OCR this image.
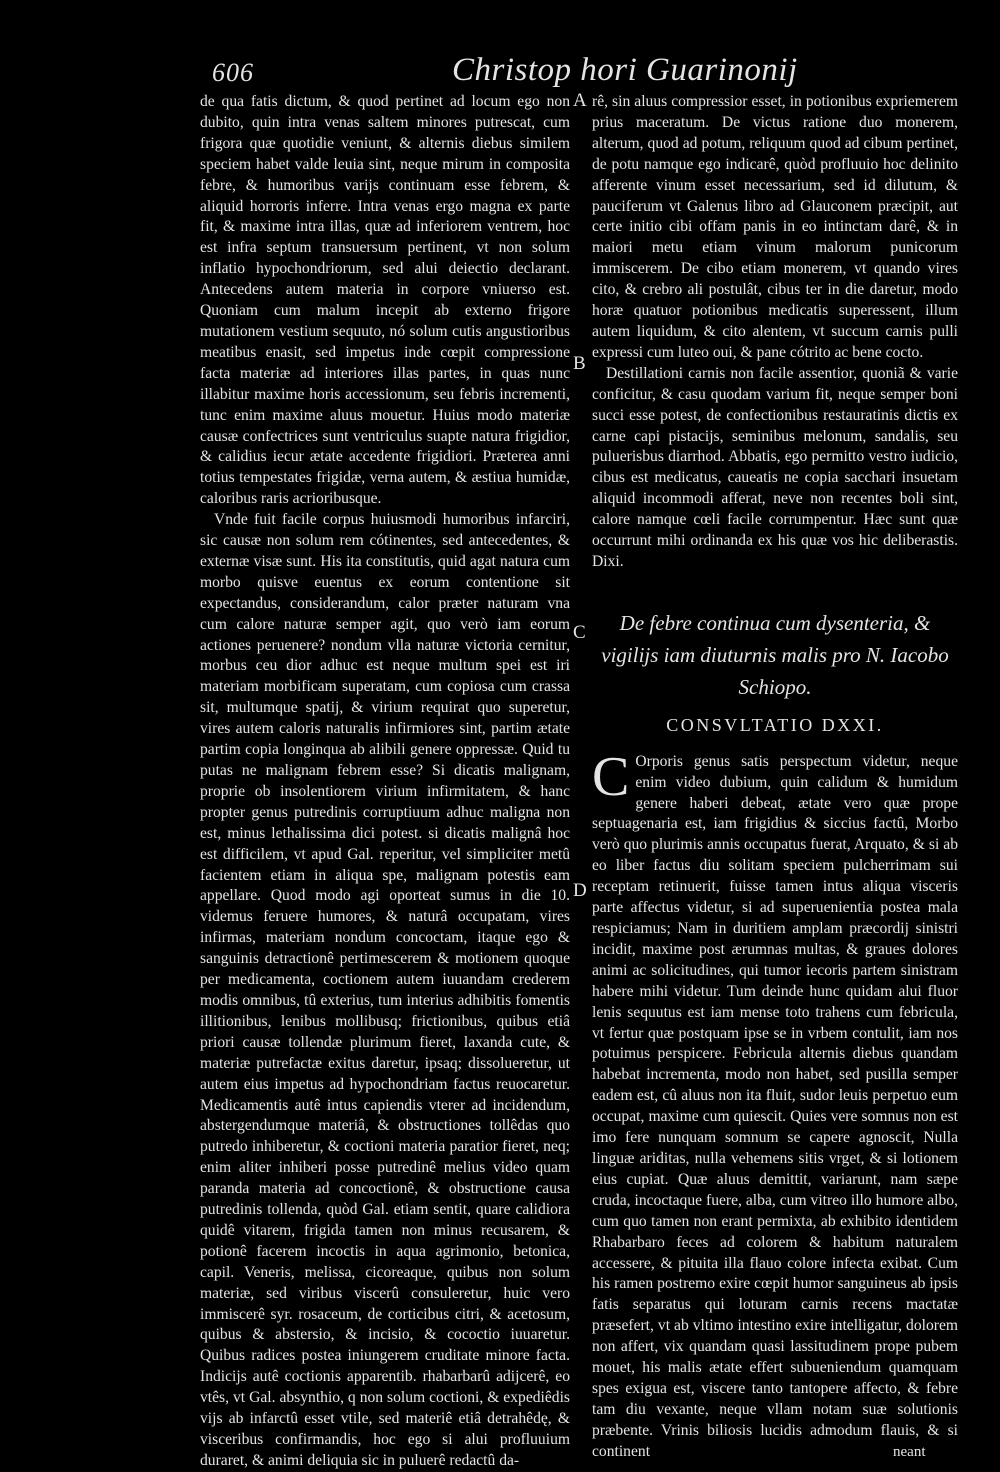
606	Christop hori Guarinonij
A
B
C
D

de qua fatis dictum, & quod pertinet ad locum ego non dubito, quin intra venas saltem minores putrescat, cum frigora quæ quotidie veniunt, & alternis diebus similem speciem habet valde leuia sint, neque mirum in composita febre, & humoribus varijs continuam esse febrem, & aliquid horroris inferre. Intra venas ergo magna ex parte fit, & maxime intra illas, quæ ad inferiorem ventrem, hoc est infra septum transuersum pertinent, vt non solum inflatio hypochondriorum, sed alui deiectio declarant. Antecedens autem materia in corpore vniuerso est. Quoniam cum malum incepit ab externo frigore mutationem vestium sequuto, nó solum cutis angustioribus meatibus enasit, sed impetus inde cœpit compressione facta materiæ ad interiores illas partes, in quas nunc illabitur maxime horis accessionum, seu febris incrementi, tunc enim maxime aluus mouetur. Huius modo materiæ causæ confectrices sunt ventriculus suapte natura frigidior, & calidius iecur ætate accedente frigidiori. Præterea anni totius tempestates frigidæ, verna autem, & æstiua humidæ, caloribus raris acrioribusque.

Vnde fuit facile corpus huiusmodi humoribus infarciri, sic causæ non solum rem cótinentes, sed antecedentes, & externæ visæ sunt. His ita constitutis, quid agat natura cum morbo quisve euentus ex eorum contentione sit expectandus, considerandum, calor præter naturam vna cum calore naturæ semper agit, quo verò iam eorum actiones peruenere? nondum vlla naturæ victoria cernitur, morbus ceu dior adhuc est neque multum spei est iri materiam morbificam superatam, cum copiosa cum crassa sit, multumque spatij, & virium requirat quo superetur, vires autem caloris naturalis infirmiores sint, partim ætate partim copia longinqua ab alibili genere oppressæ. Quid tu putas ne malignam febrem esse? Si dicatis malignam, proprie ob insolentiorem virium infirmitatem, & hanc propter genus putredinis corruptiuum adhuc maligna non est, minus lethalissima dici potest. si dicatis malignâ hoc est difficilem, vt apud Gal. reperitur, vel simpliciter metû facientem etiam in aliqua spe, malignam potestis eam appellare. Quod modo agi oporteat sumus in die 10. videmus feruere humores, & naturâ occupatam, vires infirmas, materiam nondum concoctam, itaque ego & sanguinis detractionê pertimescerem & motionem quoque per medicamenta, coctionem autem iuuandam crederem modis omnibus, tû exterius, tum interius adhibitis fomentis illitionibus, lenibus mollibusq; frictionibus, quibus etiâ priori causæ tollendæ plurimum fieret, laxanda cute, & materiæ putrefactæ exitus daretur, ipsaq; dissolueretur, ut autem eius impetus ad hypochondriam factus reuocaretur. Medicamentis autê intus capiendis vterer ad incidendum, abstergendumque materiâ, & obstructiones tollêdas quo putredo inhiberetur, & coctioni materia paratior fieret, neq; enim aliter inhiberi posse putredinê melius video quam paranda materia ad concoctionê, & obstructione causa putredinis tollenda, quòd Gal. etiam sentit, quare calidiora quidê vitarem, frigida tamen non minus recusarem, & potionê facerem incoctis in aqua agrimonio, betonica, capil. Veneris, melissa, cicoreaque, quibus non solum materiæ, sed viribus viscerû consuleretur, huic vero immiscerê syr. rosaceum, de corticibus citri, & acetosum, quibus & abstersio, & incisio, & cococtio iuuaretur. Quibus radices postea iniungerem cruditate minore facta. Indicijs autê coctionis apparentib. rhabarbarû adijcerê, eo vtês, vt Gal. absynthio, q non solum coctioni, & expediêdis vijs ab infarctû esset vtile, sed materiê etiâ detrahêdę, & visceribus confirmandis, hoc ego si alui profluuium duraret, & animi deliquia sic in puluerê redactû da-

rê, sin aluus compressior esset, in potionibus expriemerem prius maceratum. De victus ratione duo monerem, alterum, quod ad potum, reliquum quod ad cibum pertinet, de potu namque ego indicarê, quòd profluuio hoc delinito afferente vinum esset necessarium, sed id dilutum, & pauciferum vt Galenus libro ad Glauconem præcipit, aut certe initio cibi offam panis in eo intinctam darê, & in maiori metu etiam vinum malorum punicorum immiscerem. De cibo etiam monerem, vt quando vires cito, & crebro ali postulât, cibus ter in die daretur, modo horæ quatuor potionibus medicatis superessent, illum autem liquidum, & cito alentem, vt succum carnis pulli expressi cum luteo oui, & pane cótrito ac bene cocto.

Destillationi carnis non facile assentior, quoniã & varie conficitur, & casu quodam varium fit, neque semper boni succi esse potest, de confectionibus restauratinis dictis ex carne capi pistacijs, seminibus melonum, sandalis, seu puluerisbus diarrhod. Abbatis, ego permitto vestro iudicio, cibus est medicatus, caueatis ne copia sacchari insuetam aliquid incommodi afferat, neve non recentes boli sint, calore namque cœli facile corrumpentur. Hæc sunt quæ occurrunt mihi ordinanda ex his quæ vos hic deliberastis. Dixi.

De febre continua cum dysenteria, & vigilijs iam diuturnis malis pro N. Iacobo Schiopo.

CONSVLTATIO DXXI.

C Orporis genus satis perspectum videtur, neque enim video dubium, quin calidum & humidum genere haberi debeat, ætate vero quæ prope septuagenaria est, iam frigidius & siccius factû, Morbo verò quo plurimis annis occupatus fuerat, Arquato, & si ab eo liber factus diu solitam speciem pulcherrimam sui receptam retinuerit, fuisse tamen intus aliqua visceris parte affectus videtur, si ad superuenientia postea mala respiciamus; Nam in duritiem amplam præcordij sinistri incidit, maxime post ærumnas multas, & graues dolores animi ac solicitudines, qui tumor iecoris partem sinistram habere mihi videtur. Tum deinde hunc quidam alui fluor lenis sequutus est iam mense toto trahens cum febricula, vt fertur quæ postquam ipse se in vrbem contulit, iam nos potuimus perspicere. Febricula alternis diebus quandam habebat incrementa, modo non habet, sed pusilla semper eadem est, cû aluus non ita fluit, sudor leuis perpetuo eum occupat, maxime cum quiescit. Quies vere somnus non est imo fere nunquam somnum se capere agnoscit, Nulla linguæ ariditas, nulla vehemens sitis vrget, & si lotionem eius cupiat. Quæ aluus demittit, variarunt, nam sæpe cruda, incoctaque fuere, alba, cum vitreo illo humore albo, cum quo tamen non erant permixta, ab exhibito identidem Rhabarbaro feces ad colorem & habitum naturalem accessere, & pituita illa flauo colore infecta exibat. Cum his ramen postremo exire cœpit humor sanguineus ab ipsis fatis separatus qui loturam carnis recens mactatæ præsefert, vt ab vltimo intestino exire intelligatur, dolorem non affert, vix quandam quasi lassitudinem prope pubem mouet, his malis ætate effert subueniendum quamquam spes exigua est, viscere tanto tantopere affecto, & febre tam diu vexante, neque vllam notam suæ solutionis præbente. Vrinis biliosis lucidis admodum flauis, & si continent	neant
